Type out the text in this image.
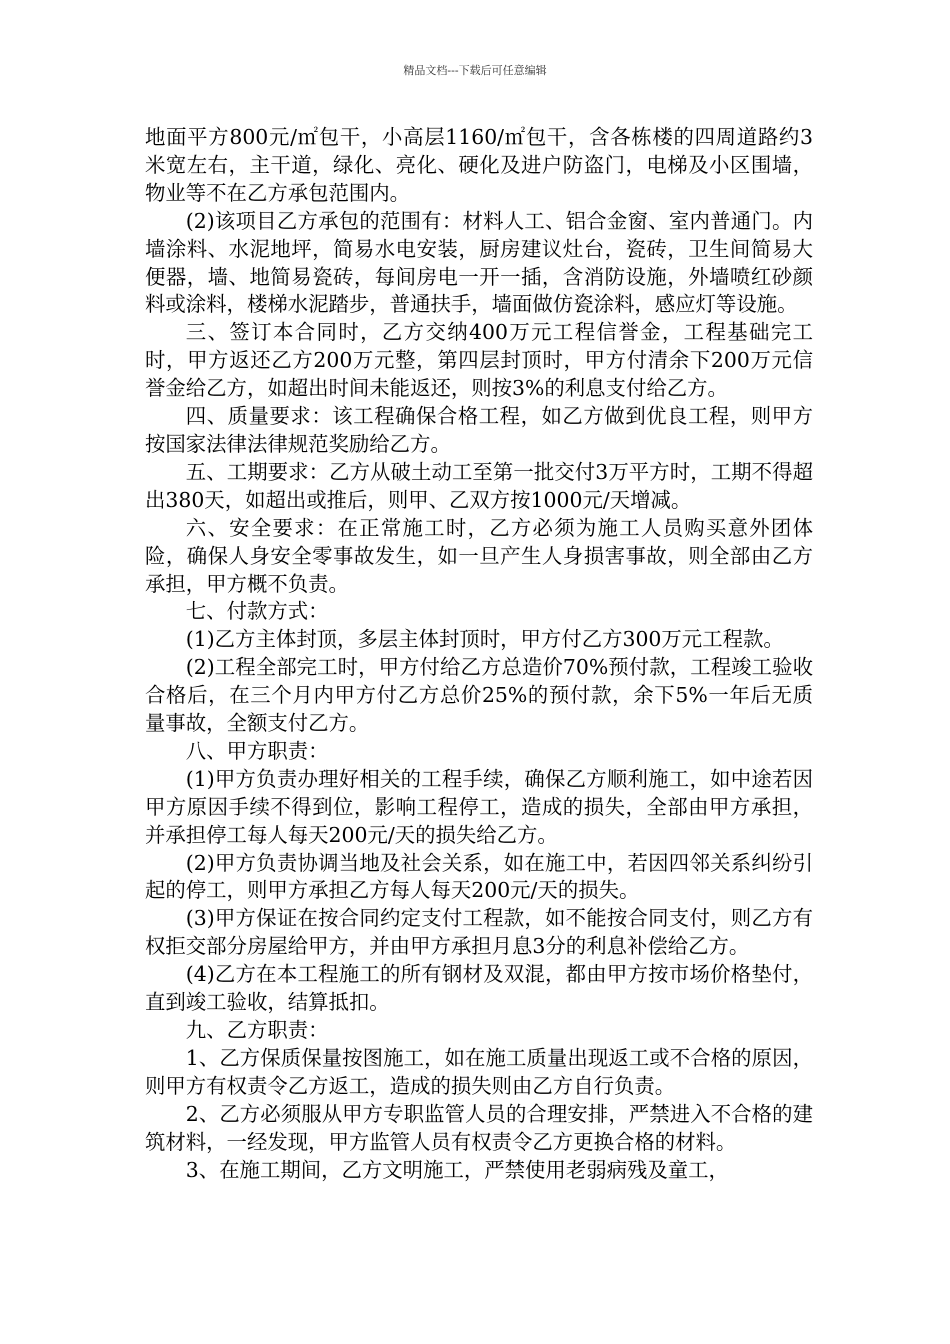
精品文档---下载后可任意编辑

地面平方800元/㎡包干，小高层1160/㎡包干，含各栋楼的四周道路约3米宽左右，主干道，绿化、亮化、硬化及进户防盗门，电梯及小区围墙，物业等不在乙方承包范围内。

(2)该项目乙方承包的范围有：材料人工、铝合金窗、室内普通门。内墙涂料、水泥地坪，简易水电安装，厨房建议灶台，瓷砖，卫生间简易大便器，墙、地简易瓷砖，每间房电一开一插，含消防设施，外墙喷红砂颜料或涂料，楼梯水泥踏步，普通扶手，墙面做仿瓷涂料，感应灯等设施。

三、签订本合同时，乙方交纳400万元工程信誉金，工程基础完工时，甲方返还乙方200万元整，第四层封顶时，甲方付清余下200万元信誉金给乙方，如超出时间未能返还，则按3%的利息支付给乙方。

四、质量要求：该工程确保合格工程，如乙方做到优良工程，则甲方按国家法律法律规范奖励给乙方。

五、工期要求：乙方从破土动工至第一批交付3万平方时，工期不得超出380天，如超出或推后，则甲、乙双方按1000元/天增减。

六、安全要求：在正常施工时，乙方必须为施工人员购买意外团体险，确保人身安全零事故发生，如一旦产生人身损害事故，则全部由乙方承担，甲方概不负责。

七、付款方式：

(1)乙方主体封顶，多层主体封顶时，甲方付乙方300万元工程款。

(2)工程全部完工时，甲方付给乙方总造价70%预付款，工程竣工验收合格后，在三个月内甲方付乙方总价25%的预付款，余下5%一年后无质量事故，全额支付乙方。

八、甲方职责：

(1)甲方负责办理好相关的工程手续，确保乙方顺利施工，如中途若因甲方原因手续不得到位，影响工程停工，造成的损失，全部由甲方承担，并承担停工每人每天200元/天的损失给乙方。

(2)甲方负责协调当地及社会关系，如在施工中，若因四邻关系纠纷引起的停工，则甲方承担乙方每人每天200元/天的损失。

(3)甲方保证在按合同约定支付工程款，如不能按合同支付，则乙方有权拒交部分房屋给甲方，并由甲方承担月息3分的利息补偿给乙方。

(4)乙方在本工程施工的所有钢材及双混，都由甲方按市场价格垫付，直到竣工验收，结算抵扣。

九、乙方职责：

1、乙方保质保量按图施工，如在施工质量出现返工或不合格的原因，则甲方有权责令乙方返工，造成的损失则由乙方自行负责。

2、乙方必须服从甲方专职监管人员的合理安排，严禁进入不合格的建筑材料，一经发现，甲方监管人员有权责令乙方更换合格的材料。

3、在施工期间，乙方文明施工，严禁使用老弱病残及童工，
